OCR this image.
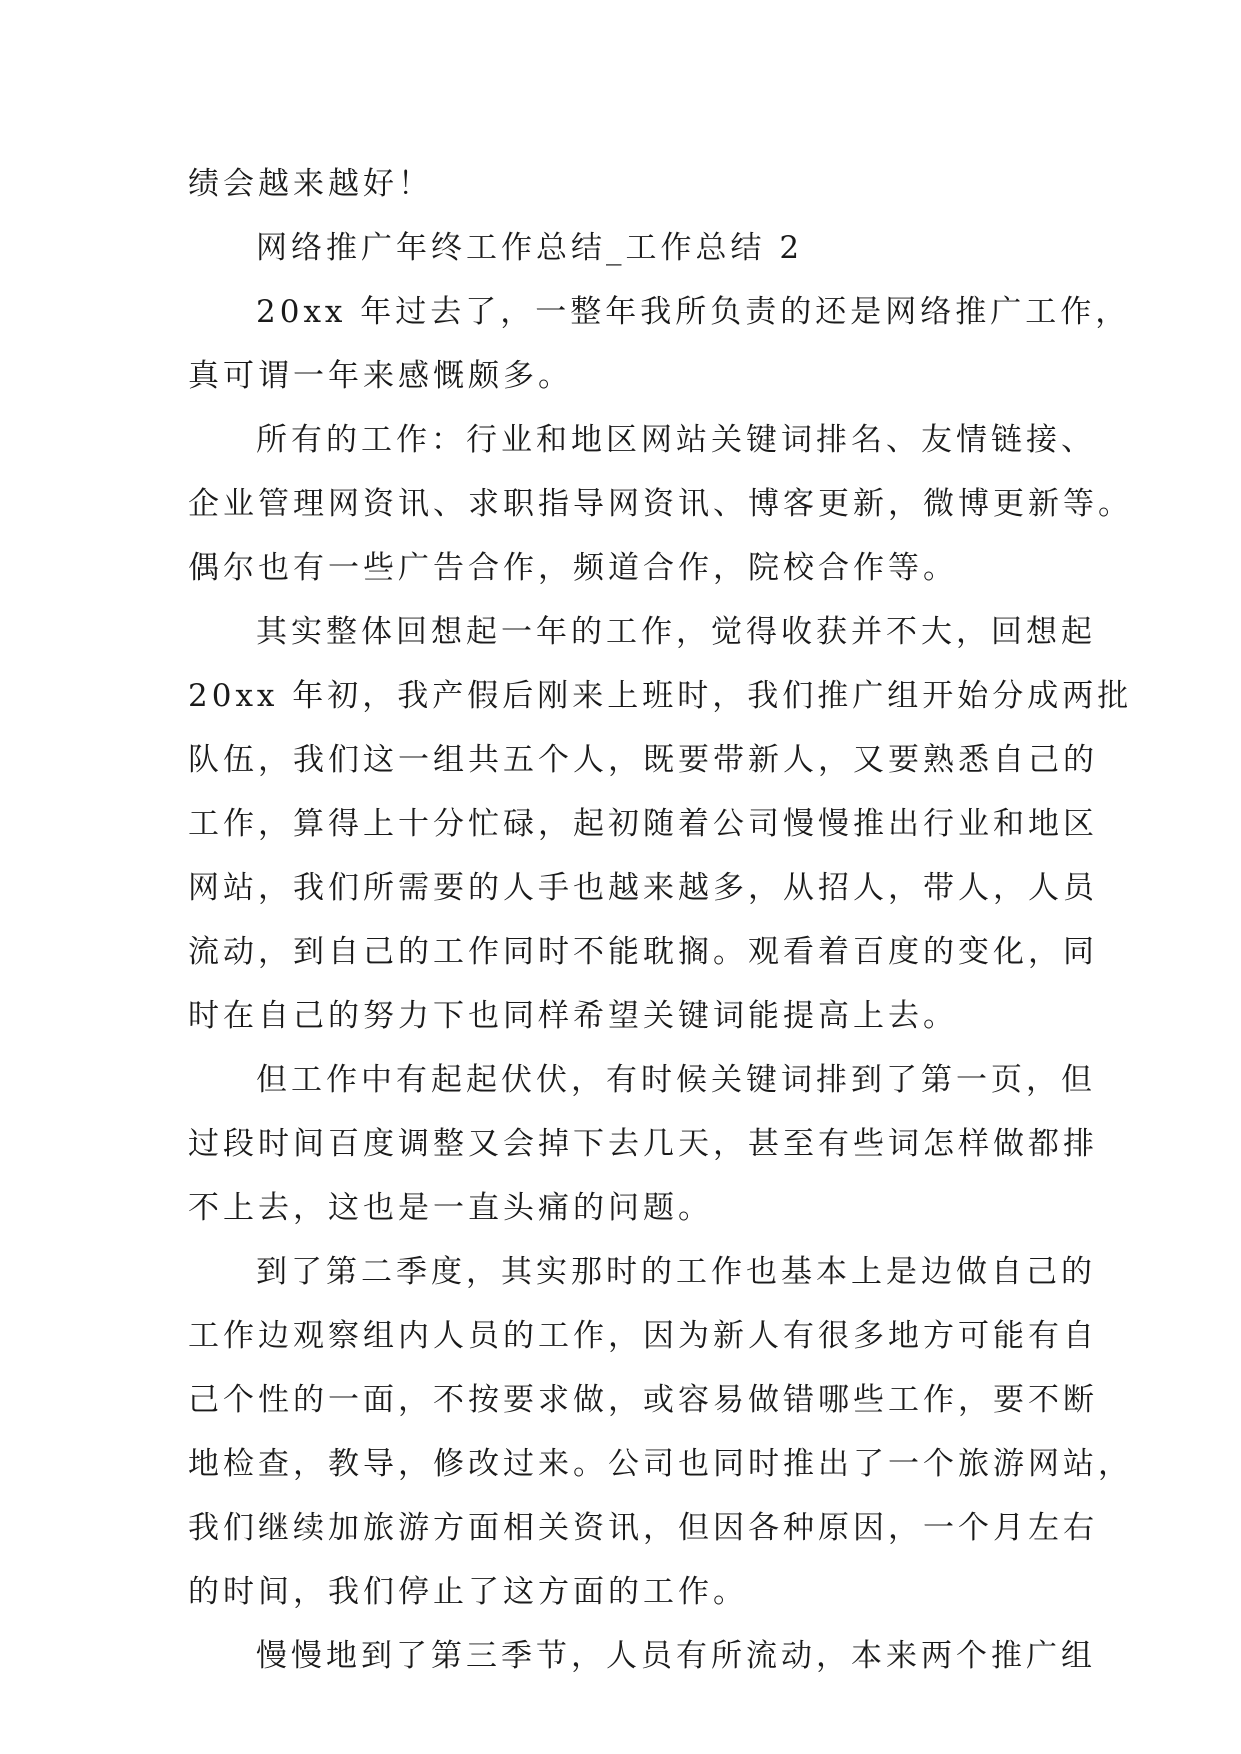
绩会越来越好！
网络推广年终工作总结_工作总结 2
20xx 年过去了，一整年我所负责的还是网络推广工作，
真可谓一年来感慨颇多。
所有的工作：行业和地区网站关键词排名、友情链接、
企业管理网资讯、求职指导网资讯、博客更新，微博更新等。
偶尔也有一些广告合作，频道合作，院校合作等。
其实整体回想起一年的工作，觉得收获并不大，回想起
20xx 年初，我产假后刚来上班时，我们推广组开始分成两批
队伍，我们这一组共五个人，既要带新人，又要熟悉自己的
工作，算得上十分忙碌，起初随着公司慢慢推出行业和地区
网站，我们所需要的人手也越来越多，从招人，带人，人员
流动，到自己的工作同时不能耽搁。观看着百度的变化，同
时在自己的努力下也同样希望关键词能提高上去。
但工作中有起起伏伏，有时候关键词排到了第一页，但
过段时间百度调整又会掉下去几天，甚至有些词怎样做都排
不上去，这也是一直头痛的问题。
到了第二季度，其实那时的工作也基本上是边做自己的
工作边观察组内人员的工作，因为新人有很多地方可能有自
己个性的一面，不按要求做，或容易做错哪些工作，要不断
地检查，教导，修改过来。公司也同时推出了一个旅游网站，
我们继续加旅游方面相关资讯，但因各种原因，一个月左右
的时间，我们停止了这方面的工作。
慢慢地到了第三季节，人员有所流动，本来两个推广组
